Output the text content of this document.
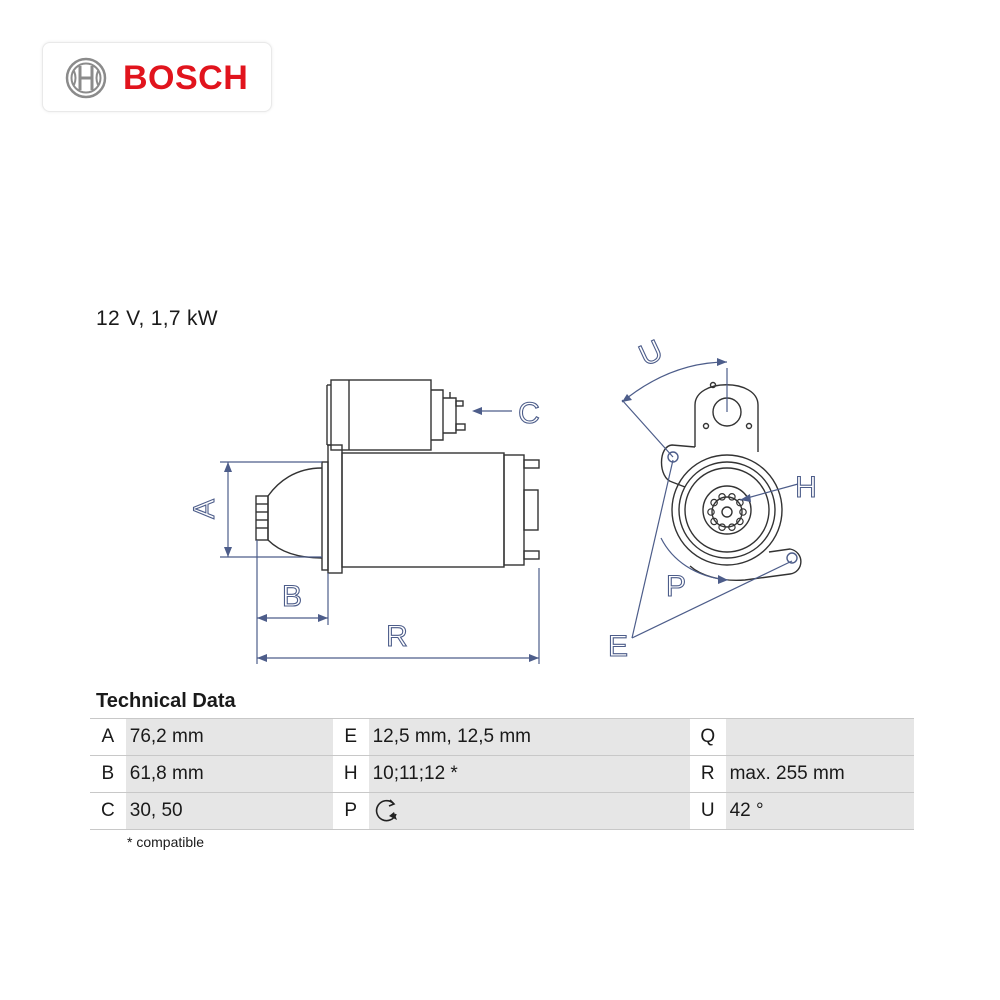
BOSCH
12 V, 1,7 kW
A
B
R
C
U
H
P
E
Technical Data
A	76,2 mm	E	12,5 mm, 12,5 mm	Q	
B	61,8 mm	H	10;11;12 *	R	max. 255 mm
C	30, 50	P		U	42 °
* compatible
